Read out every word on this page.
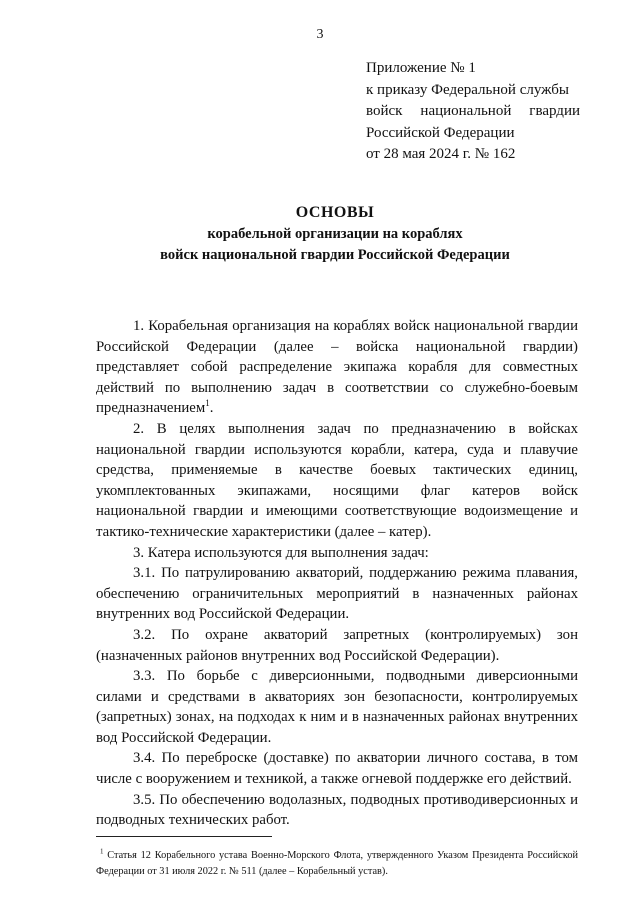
3
Приложение № 1
к приказу Федеральной службы
войск национальной гвардии
Российской Федерации
от 28 мая 2024 г. № 162
ОСНОВЫ
корабельной организации на кораблях
войск национальной гвардии Российской Федерации

1. Корабельная организация на кораблях войск национальной гвардии Российской Федерации (далее – войска национальной гвардии) представляет собой распределение экипажа корабля для совместных действий по выполнению задач в соответствии со служебно-боевым предназначением$^1$.

2. В целях выполнения задач по предназначению в войсках национальной гвардии используются корабли, катера, суда и плавучие средства, применяемые в качестве боевых тактических единиц, укомплектованных экипажами, носящими флаг катеров войск национальной гвардии и имеющими соответствующие водоизмещение и тактико-технические характеристики (далее – катер).

3. Катера используются для выполнения задач:

3.1. По патрулированию акваторий, поддержанию режима плавания, обеспечению ограничительных мероприятий в назначенных районах внутренних вод Российской Федерации.

3.2. По охране акваторий запретных (контролируемых) зон (назначенных районов внутренних вод Российской Федерации).

3.3. По борьбе с диверсионными, подводными диверсионными силами и средствами в акваториях зон безопасности, контролируемых (запретных) зонах, на подходах к ним и в назначенных районах внутренних вод Российской Федерации.

3.4. По переброске (доставке) по акватории личного состава, в том числе с вооружением и техникой, а также огневой поддержке его действий.

3.5. По обеспечению водолазных, подводных противодиверсионных и подводных технических работ.

$^1$ Статья 12 Корабельного устава Военно-Морского Флота, утвержденного Указом Президента Российской Федерации от 31 июля 2022 г. № 511 (далее – Корабельный устав).
